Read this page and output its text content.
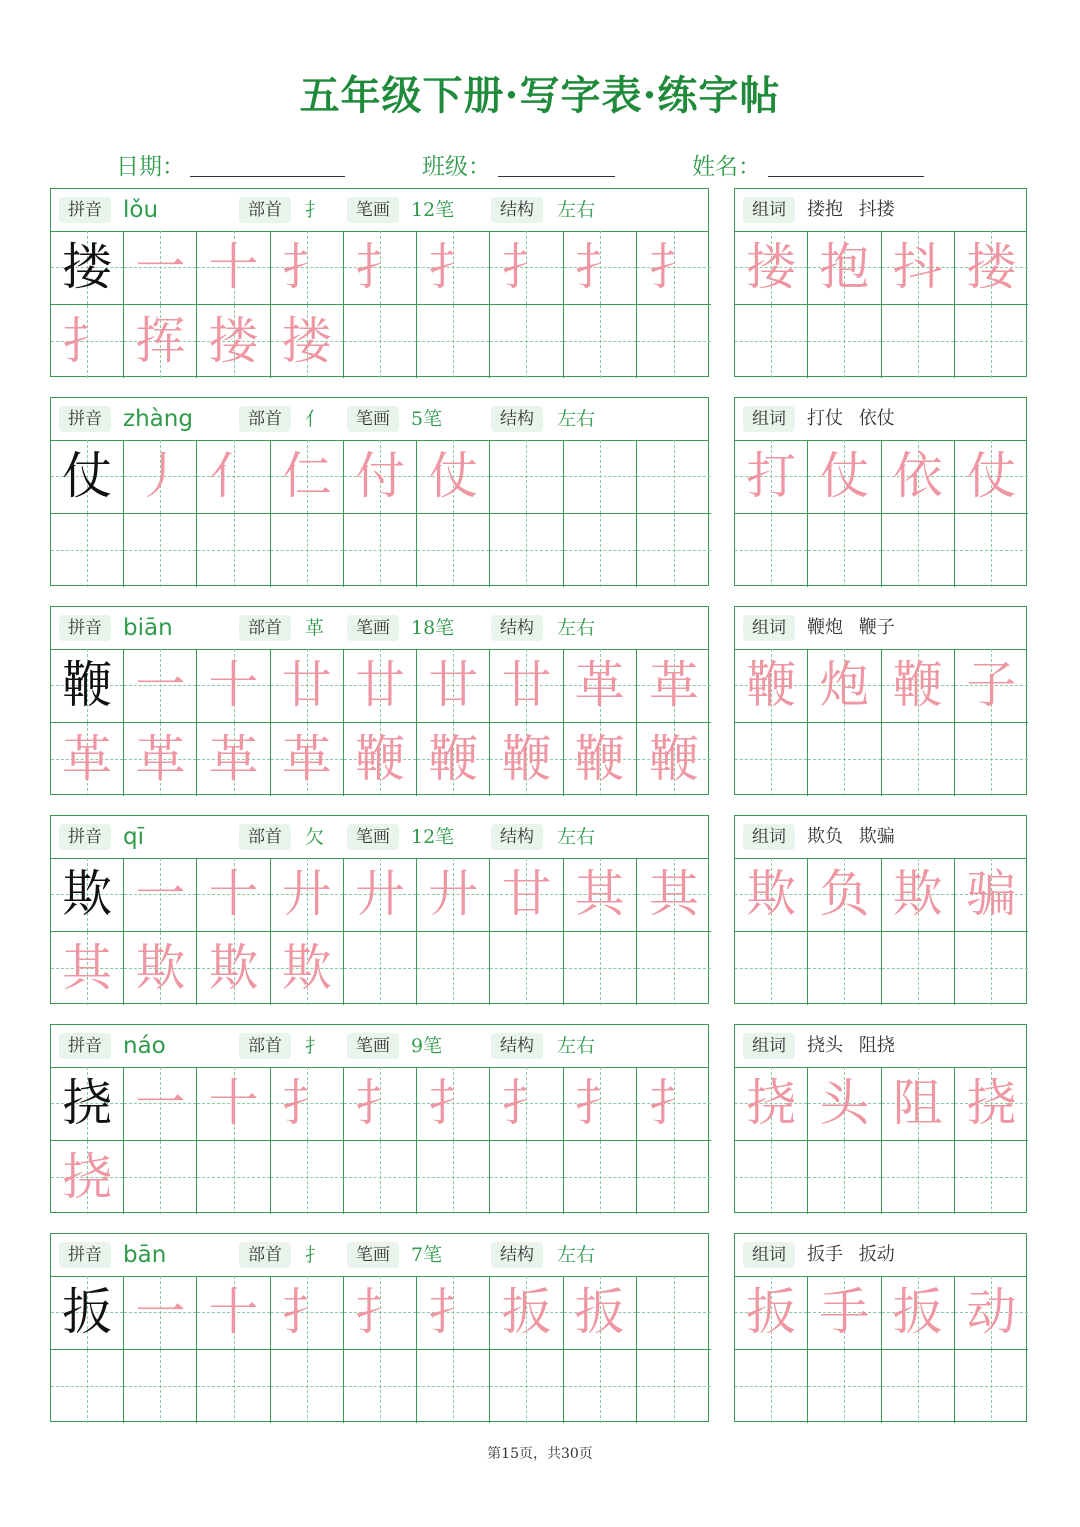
五年级下册·写字表·练字帖
日期：	班级：	姓名：
拼音 lǒu	部首	扌	笔画	12笔	结构	左右
搂 一 十 扌 扌 扌 扌 扌 扌
扌 挥 搂 搂
组词	搂抱 抖搂
搂 抱 抖 搂
拼音 zhàng	部首	亻	笔画	5笔	结构	左右
仗 丿 亻 仁 付 仗
组词	打仗 依仗
打 仗 依 仗
拼音 biān	部首	革	笔画	18笔	结构	左右
鞭 一 十 廿 廿 廿 廿 革 革
革 革 革 革 鞭 鞭 鞭 鞭 鞭
组词	鞭炮 鞭子
鞭 炮 鞭 子
拼音 qī	部首	欠	笔画	12笔	结构	左右
欺 一 十 廾 廾 廾 甘 其 其
其 欺 欺 欺
组词	欺负 欺骗
欺 负 欺 骗
拼音 náo	部首	扌	笔画	9笔	结构	左右
挠 一 十 扌 扌 扌 扌 扌 扌
挠
组词	挠头 阻挠
挠 头 阻 挠
拼音 bān	部首	扌	笔画	7笔	结构	左右
扳 一 十 扌 扌 扌 扳 扳
组词	扳手 扳动
扳 手 扳 动
第15页，共30页
